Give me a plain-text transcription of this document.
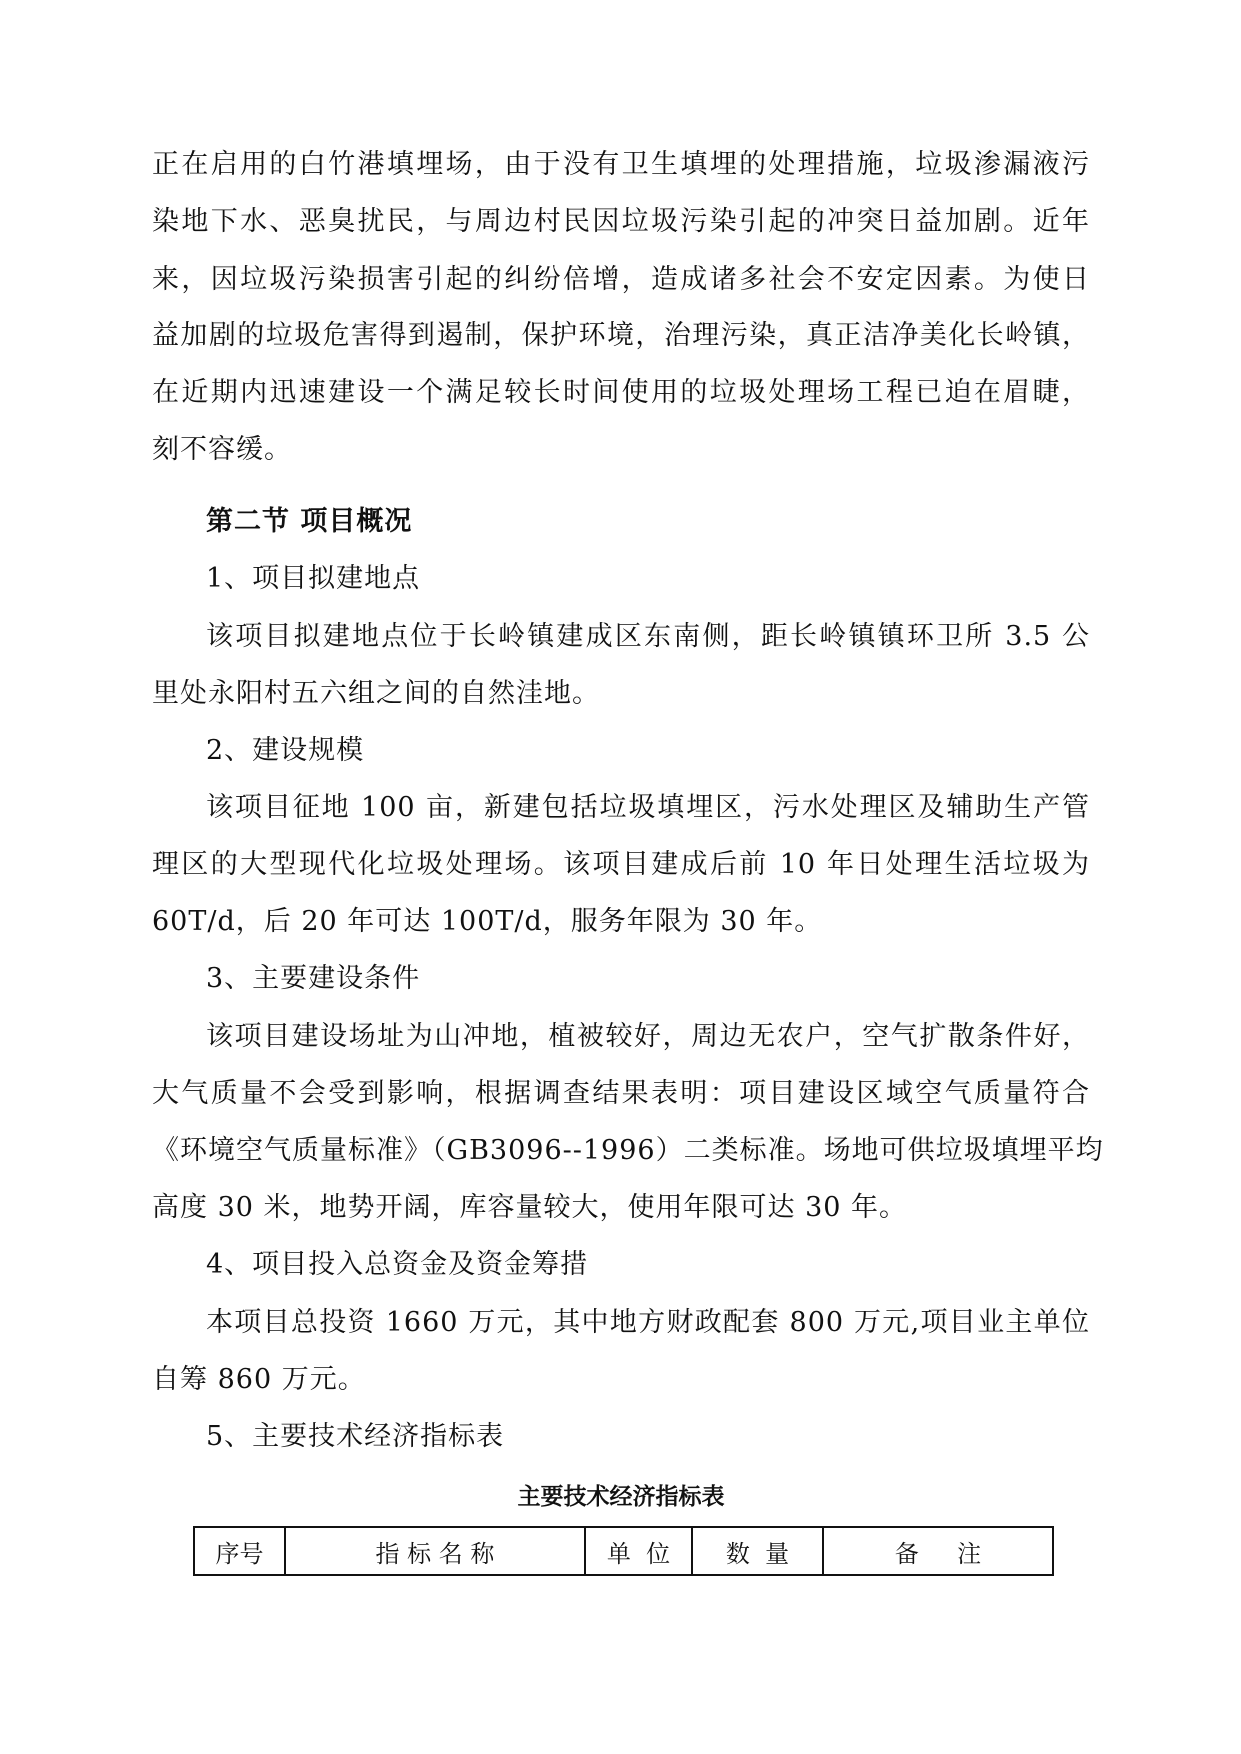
正在启用的白竹港填埋场，由于没有卫生填埋的处理措施，垃圾渗漏液污
染地下水、恶臭扰民，与周边村民因垃圾污染引起的冲突日益加剧。近年
来，因垃圾污染损害引起的纠纷倍增，造成诸多社会不安定因素。为使日
益加剧的垃圾危害得到遏制，保护环境，治理污染，真正洁净美化长岭镇，
在近期内迅速建设一个满足较长时间使用的垃圾处理场工程已迫在眉睫，
刻不容缓。
第二节 项目概况
1、项目拟建地点
该项目拟建地点位于长岭镇建成区东南侧，距长岭镇镇环卫所 3.5 公
里处永阳村五六组之间的自然洼地。
2、建设规模
该项目征地 100 亩，新建包括垃圾填埋区，污水处理区及辅助生产管
理区的大型现代化垃圾处理场。该项目建成后前 10 年日处理生活垃圾为
60T/d，后 20 年可达 100T/d，服务年限为 30 年。
3、主要建设条件
该项目建设场址为山冲地，植被较好，周边无农户，空气扩散条件好，
大气质量不会受到影响，根据调查结果表明：项目建设区域空气质量符合
《环境空气质量标准》（GB3096--1996）二类标准。场地可供垃圾填埋平均
高度 30 米，地势开阔，库容量较大，使用年限可达 30 年。
4、项目投入总资金及资金筹措
本项目总投资 1660 万元，其中地方财政配套 800 万元,项目业主单位
自筹 860 万元。
5、主要技术经济指标表
主要技术经济指标表
序号	指 标 名 称	单  位	数  量	备     注
